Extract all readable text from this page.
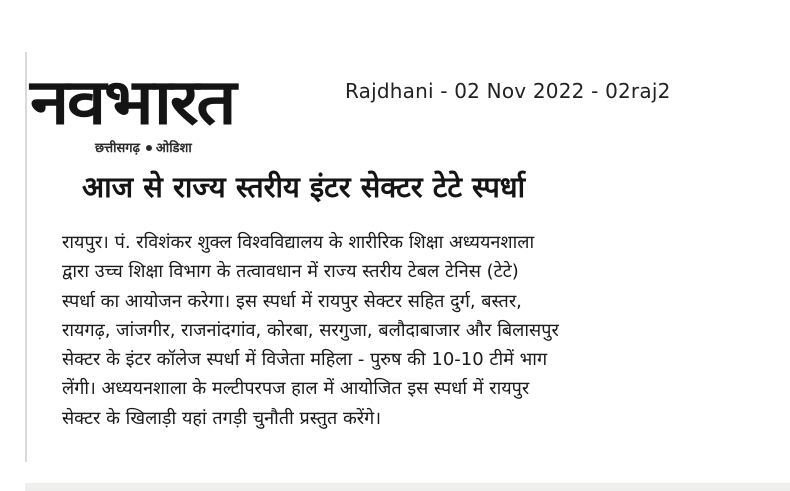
नवभारत
छत्तीसगढ़ ओडिशा
Rajdhani - 02 Nov 2022 - 02raj2
आज से राज्य स्तरीय इंटर सेक्टर टेटे स्पर्धा
रायपुर। पं. रविशंकर शुक्ल विश्वविद्यालय के शारीरिक शिक्षा अध्ययनशाला
द्वारा उच्च शिक्षा विभाग के तत्वावधान में राज्य स्तरीय टेबल टेनिस (टेटे)
स्पर्धा का आयोजन करेगा। इस स्पर्धा में रायपुर सेक्टर सहित दुर्ग, बस्तर,
रायगढ़, जांजगीर, राजनांदगांव, कोरबा, सरगुजा, बलौदाबाजार और बिलासपुर
सेक्टर के इंटर कॉलेज स्पर्धा में विजेता महिला - पुरुष की 10-10 टीमें भाग
लेंगी। अध्ययनशाला के मल्टीपरपज हाल में आयोजित इस स्पर्धा में रायपुर
सेक्टर के खिलाड़ी यहां तगड़ी चुनौती प्रस्तुत करेंगे।
